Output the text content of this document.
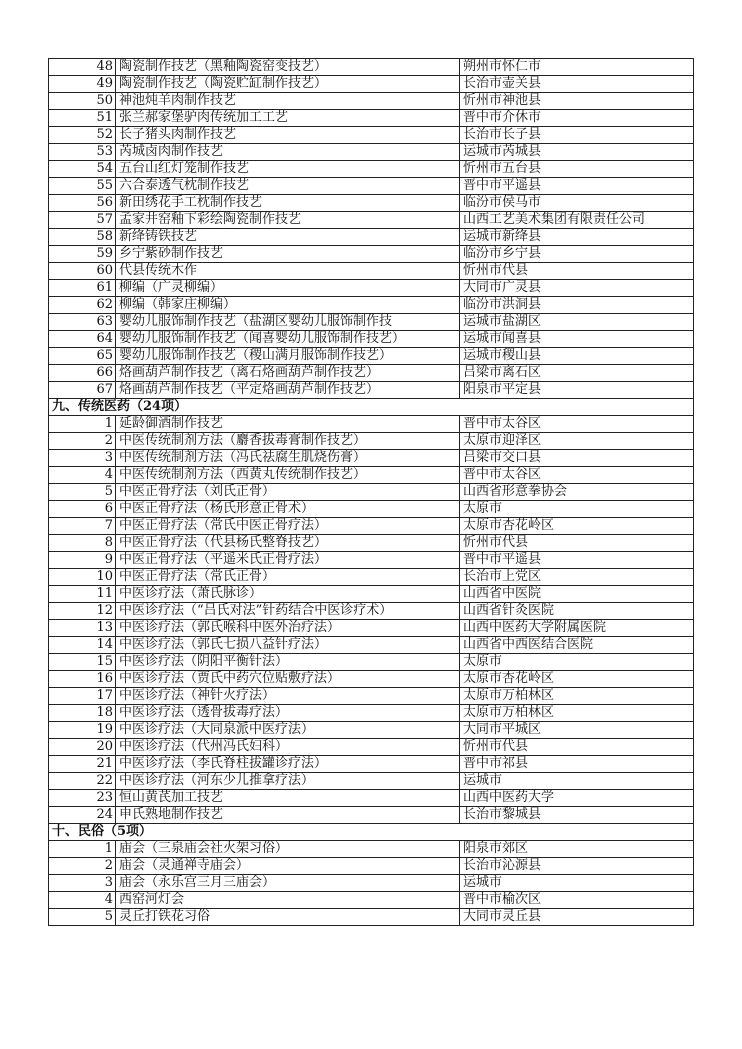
48	陶瓷制作技艺（黑釉陶瓷窑变技艺）	朔州市怀仁市
49	陶瓷制作技艺（陶瓷贮缸制作技艺）	长治市壶关县
50	神池炖羊肉制作技艺	忻州市神池县
51	张兰郝家堡驴肉传统加工工艺	晋中市介休市
52	长子猪头肉制作技艺	长治市长子县
53	芮城卤肉制作技艺	运城市芮城县
54	五台山红灯笼制作技艺	忻州市五台县
55	六合泰透气枕制作技艺	晋中市平遥县
56	新田绣花手工枕制作技艺	临汾市侯马市
57	孟家井窑釉下彩绘陶瓷制作技艺	山西工艺美术集团有限责任公司
58	新绛铸铁技艺	运城市新绛县
59	乡宁紫砂制作技艺	临汾市乡宁县
60	代县传统木作	忻州市代县
61	柳编（广灵柳编）	大同市广灵县
62	柳编（韩家庄柳编）	临汾市洪洞县
63	婴幼儿服饰制作技艺（盐湖区婴幼儿服饰制作技	运城市盐湖区
64	婴幼儿服饰制作技艺（闻喜婴幼儿服饰制作技艺）	运城市闻喜县
65	婴幼儿服饰制作技艺（稷山满月服饰制作技艺）	运城市稷山县
66	烙画葫芦制作技艺（离石烙画葫芦制作技艺）	吕梁市离石区
67	烙画葫芦制作技艺（平定烙画葫芦制作技艺）	阳泉市平定县
九、传统医药（24项）		
1	延龄御酒制作技艺	晋中市太谷区
2	中医传统制剂方法（麝香拔毒膏制作技艺）	太原市迎泽区
3	中医传统制剂方法（冯氏祛腐生肌烧伤膏）	吕梁市交口县
4	中医传统制剂方法（西黄丸传统制作技艺）	晋中市太谷区
5	中医正骨疗法（刘氏正骨）	山西省形意拳协会
6	中医正骨疗法（杨氏形意正骨术）	太原市
7	中医正骨疗法（常氏中医正骨疗法）	太原市杏花岭区
8	中医正骨疗法（代县杨氏整脊技艺）	忻州市代县
9	中医正骨疗法（平遥米氏正骨疗法）	晋中市平遥县
10	中医正骨疗法（常氏正骨）	长治市上党区
11	中医诊疗法（萧氏脉诊）	山西省中医院
12	中医诊疗法（“吕氏对法”针药结合中医诊疗术）	山西省针灸医院
13	中医诊疗法（郭氏喉科中医外治疗法）	山西中医药大学附属医院
14	中医诊疗法（郭氏七损八益针疗法）	山西省中西医结合医院
15	中医诊疗法（阴阳平衡针法）	太原市
16	中医诊疗法（贾氏中药穴位贴敷疗法）	太原市杏花岭区
17	中医诊疗法（神针火疗法）	太原市万柏林区
18	中医诊疗法（透骨拔毒疗法）	太原市万柏林区
19	中医诊疗法（大同泉派中医疗法）	大同市平城区
20	中医诊疗法（代州冯氏妇科）	忻州市代县
21	中医诊疗法（李氏脊柱拔罐诊疗法）	晋中市祁县
22	中医诊疗法（河东少儿推拿疗法）	运城市
23	恒山黄芪加工技艺	山西中医药大学
24	申氏熟地制作技艺	长治市黎城县
十、民俗（5项）		
1	庙会（三泉庙会社火架习俗）	阳泉市郊区
2	庙会（灵通禅寺庙会）	长治市沁源县
3	庙会（永乐宫三月三庙会）	运城市
4	西窑河灯会	晋中市榆次区
5	灵丘打铁花习俗	大同市灵丘县
